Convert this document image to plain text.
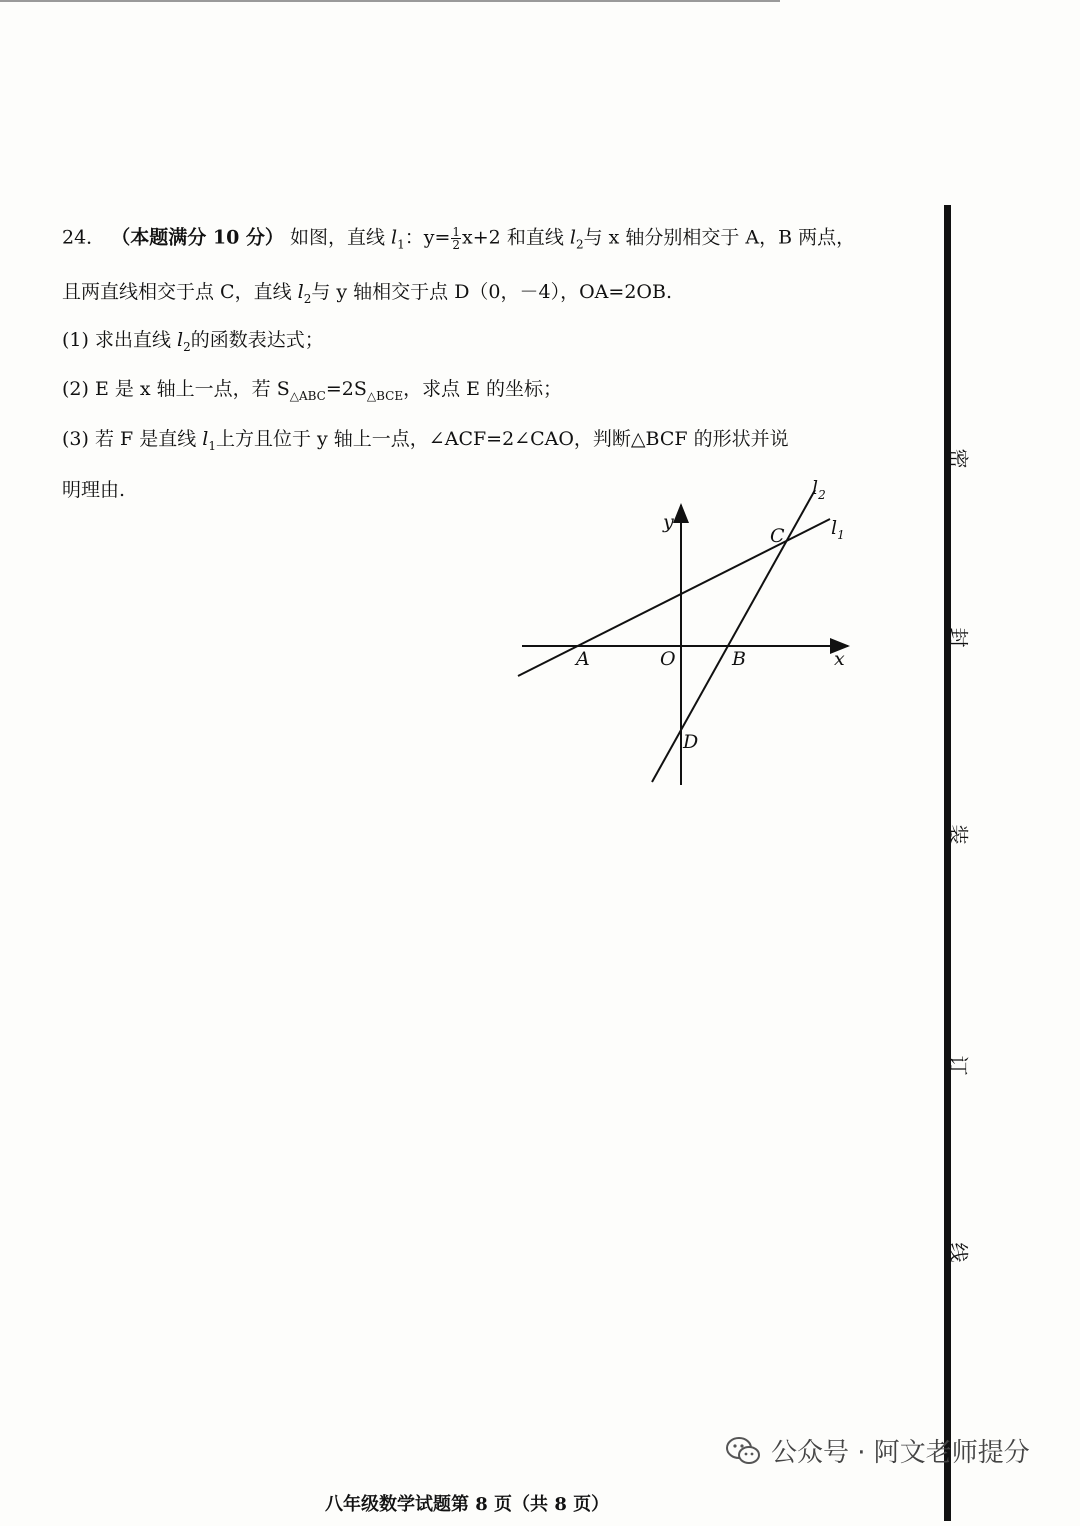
24． （本题满分 10 分） 如图，直线 $l_1$：$y= \frac{1}{2} x+2$ 和直线 $l_2$与 x 轴分别相交于 A，B 两点，
且两直线相交于点 C，直线 $l_2$与 y 轴相交于点 D（0，－4），OA=2OB.
(1) 求出直线 $l_2$的函数表达式；
(2) E 是 x 轴上一点，若 $S_{\triangle ABC}=2S_{\triangle BCE}$，求点 E 的坐标；
(3) 若 F 是直线 $l_1$上方且位于 y 轴上一点，∠ACF=2∠CAO，判断△BCF 的形状并说
明理由.
y
x
O
A	B
C
D
$l_1$
$l_2$
密
封
装
订
线
八年级数学试题第 8 页（共 8 页）
公众号 · 阿文老师提分
